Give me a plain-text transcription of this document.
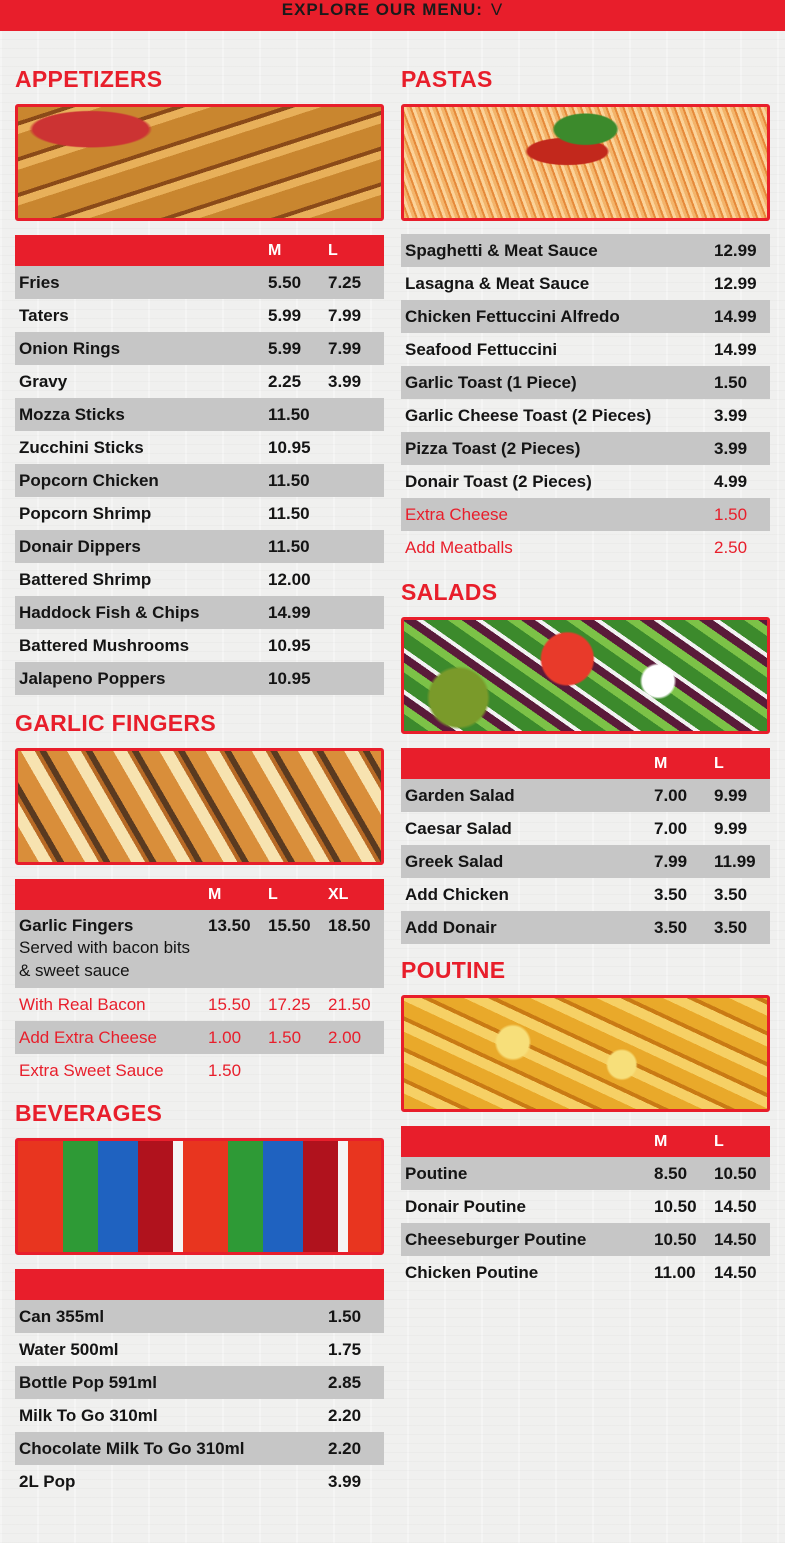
EXPLORE OUR MENU: V
APPETIZERS
	M	L
Fries	5.50	7.25
Taters	5.99	7.99
Onion Rings	5.99	7.99
Gravy	2.25	3.99
Mozza Sticks	11.50	
Zucchini Sticks	10.95	
Popcorn Chicken	11.50	
Popcorn Shrimp	11.50	
Donair Dippers	11.50	
Battered Shrimp	12.00	
Haddock Fish & Chips	14.99	
Battered Mushrooms	10.95	
Jalapeno Poppers	10.95	
GARLIC FINGERS
	M	L	XL
Garlic Fingers
Served with bacon bits & sweet sauce	13.50	15.50	18.50
With Real Bacon	15.50	17.25	21.50
Add Extra Cheese	1.00	1.50	2.00
Extra Sweet Sauce	1.50		
BEVERAGES

Can 355ml	1.50
Water 500ml	1.75
Bottle Pop 591ml	2.85
Milk To Go 310ml	2.20
Chocolate Milk To Go 310ml	2.20
2L Pop	3.99
PASTAS
Spaghetti & Meat Sauce	12.99
Lasagna & Meat Sauce	12.99
Chicken Fettuccini Alfredo	14.99
Seafood Fettuccini	14.99
Garlic Toast (1 Piece)	1.50
Garlic Cheese Toast (2 Pieces)	3.99
Pizza Toast (2 Pieces)	3.99
Donair Toast (2 Pieces)	4.99
Extra Cheese	1.50
Add Meatballs	2.50
SALADS
	M	L
Garden Salad	7.00	9.99
Caesar Salad	7.00	9.99
Greek Salad	7.99	11.99
Add Chicken	3.50	3.50
Add Donair	3.50	3.50
POUTINE
	M	L
Poutine	8.50	10.50
Donair Poutine	10.50	14.50
Cheeseburger Poutine	10.50	14.50
Chicken Poutine	11.00	14.50
